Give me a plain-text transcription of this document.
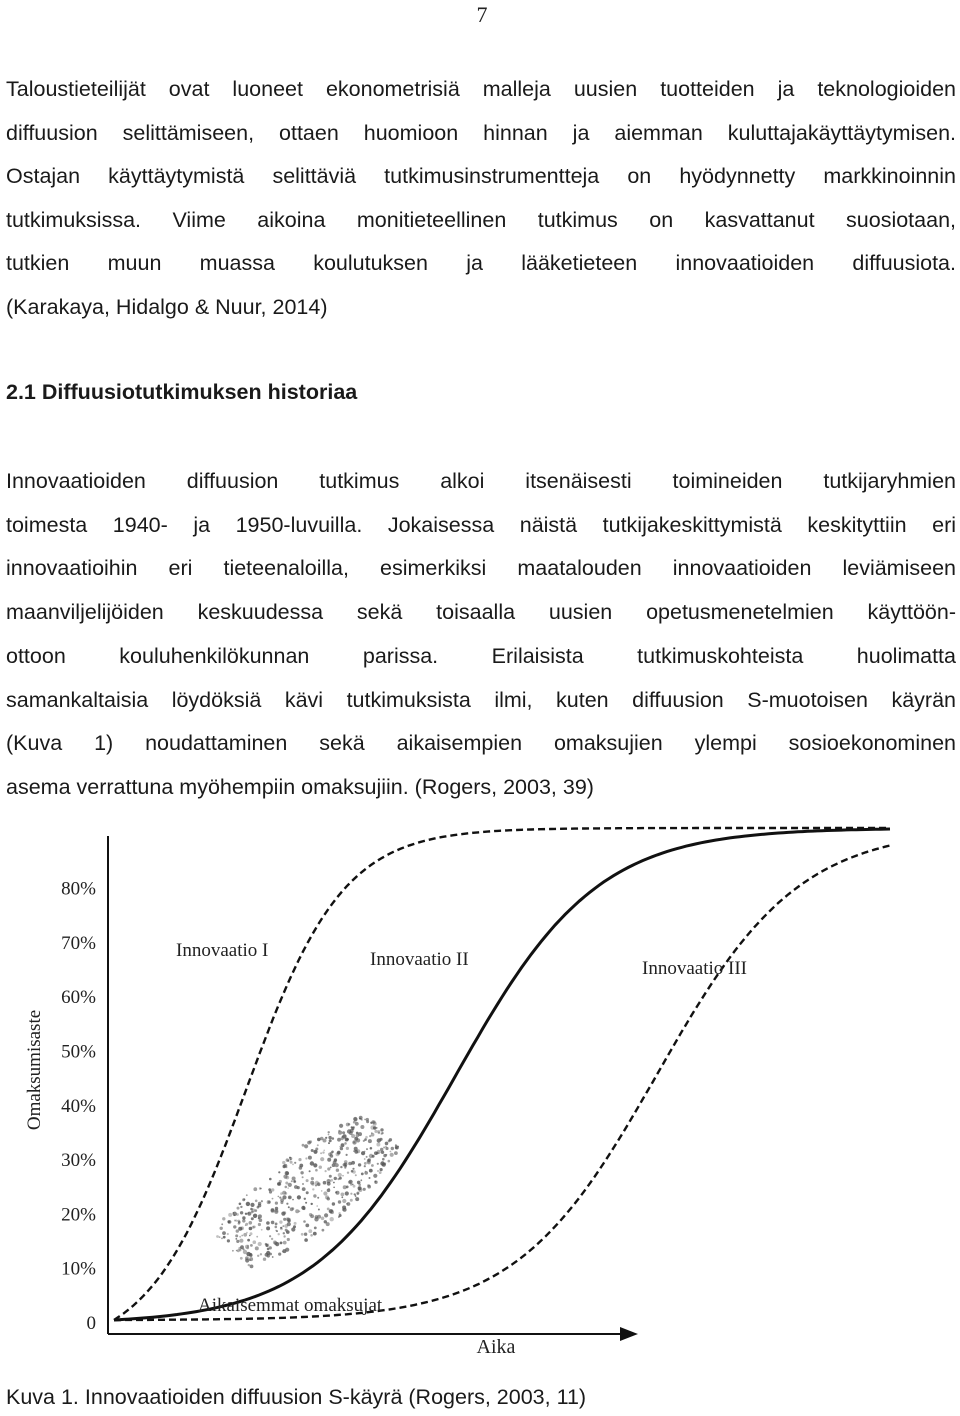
7
Taloustieteilijät ovat luoneet ekonometrisiä malleja uusien tuotteiden ja teknologioiden
diffuusion selittämiseen, ottaen huomioon hinnan ja aiemman kuluttajakäyttäytymisen.
Ostajan käyttäytymistä selittäviä tutkimusinstrumentteja on hyödynnetty markkinoinnin
tutkimuksissa. Viime aikoina monitieteellinen tutkimus on kasvattanut suosiotaan,
tutkien muun muassa koulutuksen ja lääketieteen innovaatioiden diffuusiota.
(Karakaya, Hidalgo & Nuur, 2014)
2.1 Diffuusiotutkimuksen historiaa
Innovaatioiden diffuusion tutkimus alkoi itsenäisesti toimineiden tutkijaryhmien
toimesta 1940- ja 1950-luvuilla. Jokaisessa näistä tutkijakeskittymistä keskityttiin eri
innovaatioihin eri tieteenaloilla, esimerkiksi maatalouden innovaatioiden leviämiseen
maanviljelijöiden keskuudessa sekä toisaalla uusien opetusmenetelmien käyttöön-
ottoon kouluhenkilökunnan parissa. Erilaisista tutkimuskohteista huolimatta
samankaltaisia löydöksiä kävi tutkimuksista ilmi, kuten diffuusion S-muotoisen käyrän
(Kuva 1) noudattaminen sekä aikaisempien omaksujien ylempi sosioekonominen
asema verrattuna myöhempiin omaksujiin. (Rogers, 2003, 39)
Omaksumisaste
Aika
0
10%
20%
30%
40%
50%
60%
70%
80%
Innovaatio I	Innovaatio II	Innovaatio III
Aikaisemmat omaksujat

Kuva 1. Innovaatioiden diffuusion S-käyrä (Rogers, 2003, 11)
